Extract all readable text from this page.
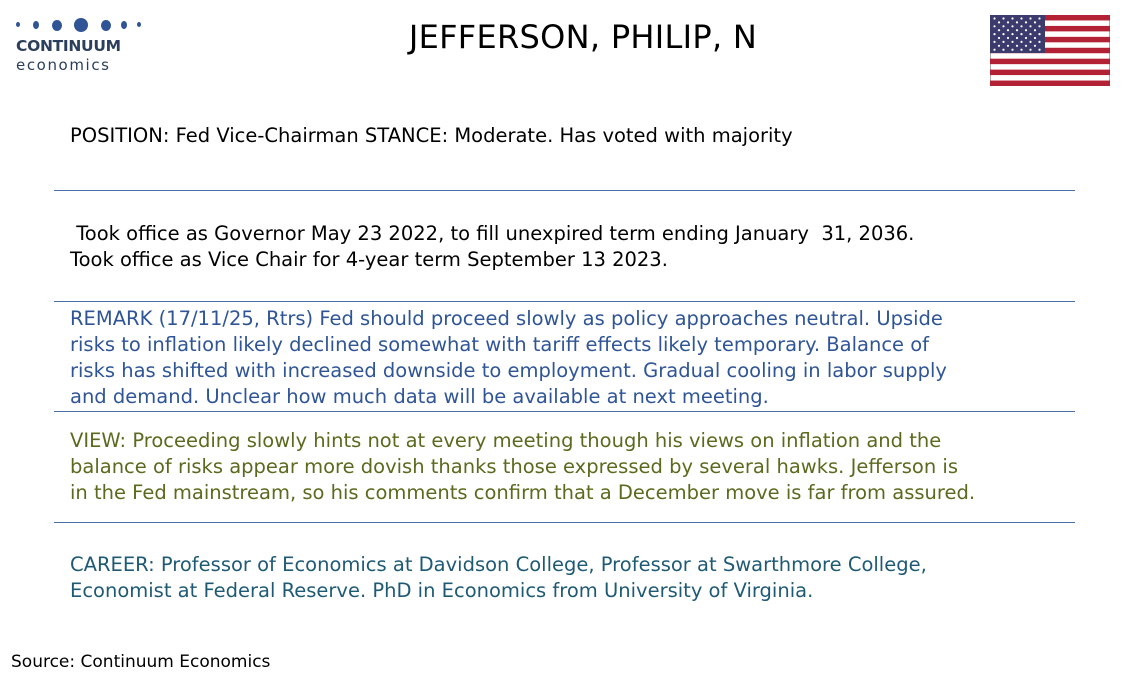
CONTINUUM
economics
JEFFERSON, PHILIP, N
POSITION: Fed Vice-Chairman STANCE: Moderate. Has voted with majority
Took office as Governor May 23 2022, to fill unexpired term ending January  31, 2036.
Took office as Vice Chair for 4-year term September 13 2023.
REMARK (17/11/25, Rtrs) Fed should proceed slowly as policy approaches neutral. Upside
risks to inflation likely declined somewhat with tariff effects likely temporary. Balance of
risks has shifted with increased downside to employment. Gradual cooling in labor supply
and demand. Unclear how much data will be available at next meeting.
VIEW: Proceeding slowly hints not at every meeting though his views on inflation and the
balance of risks appear more dovish thanks those expressed by several hawks. Jefferson is
in the Fed mainstream, so his comments confirm that a December move is far from assured.
CAREER: Professor of Economics at Davidson College, Professor at Swarthmore College,
Economist at Federal Reserve. PhD in Economics from University of Virginia.
Source: Continuum Economics
